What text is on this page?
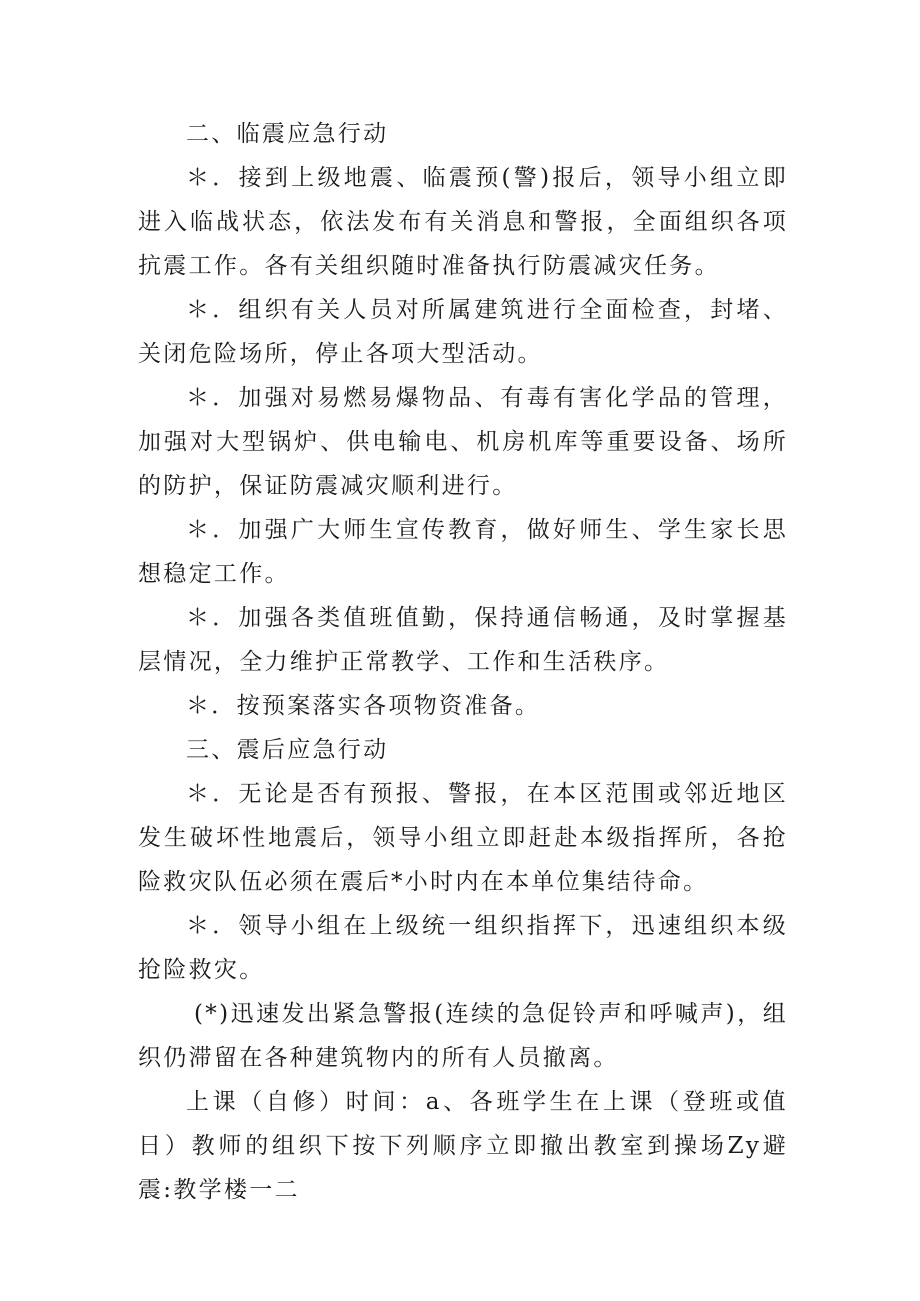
二、临震应急行动

＊．接到上级地震、临震预(警)报后，领导小组立即进入临战状态，依法发布有关消息和警报，全面组织各项抗震工作。各有关组织随时准备执行防震减灾任务。

＊．组织有关人员对所属建筑进行全面检查，封堵、关闭危险场所，停止各项大型活动。

＊．加强对易燃易爆物品、有毒有害化学品的管理，加强对大型锅炉、供电输电、机房机库等重要设备、场所的防护，保证防震减灾顺利进行。

＊．加强广大师生宣传教育，做好师生、学生家长思想稳定工作。

＊．加强各类值班值勤，保持通信畅通，及时掌握基层情况，全力维护正常教学、工作和生活秩序。

＊．按预案落实各项物资准备。

三、震后应急行动

＊．无论是否有预报、警报，在本区范围或邻近地区发生破坏性地震后，领导小组立即赶赴本级指挥所，各抢险救灾队伍必须在震后*小时内在本单位集结待命。

＊．领导小组在上级统一组织指挥下，迅速组织本级抢险救灾。

(*)迅速发出紧急警报(连续的急促铃声和呼喊声)，组织仍滞留在各种建筑物内的所有人员撤离。

上课（自修）时间：a、各班学生在上课（登班或值日）教师的组织下按下列顺序立即撤出教室到操场Zy避震:教学楼一二
